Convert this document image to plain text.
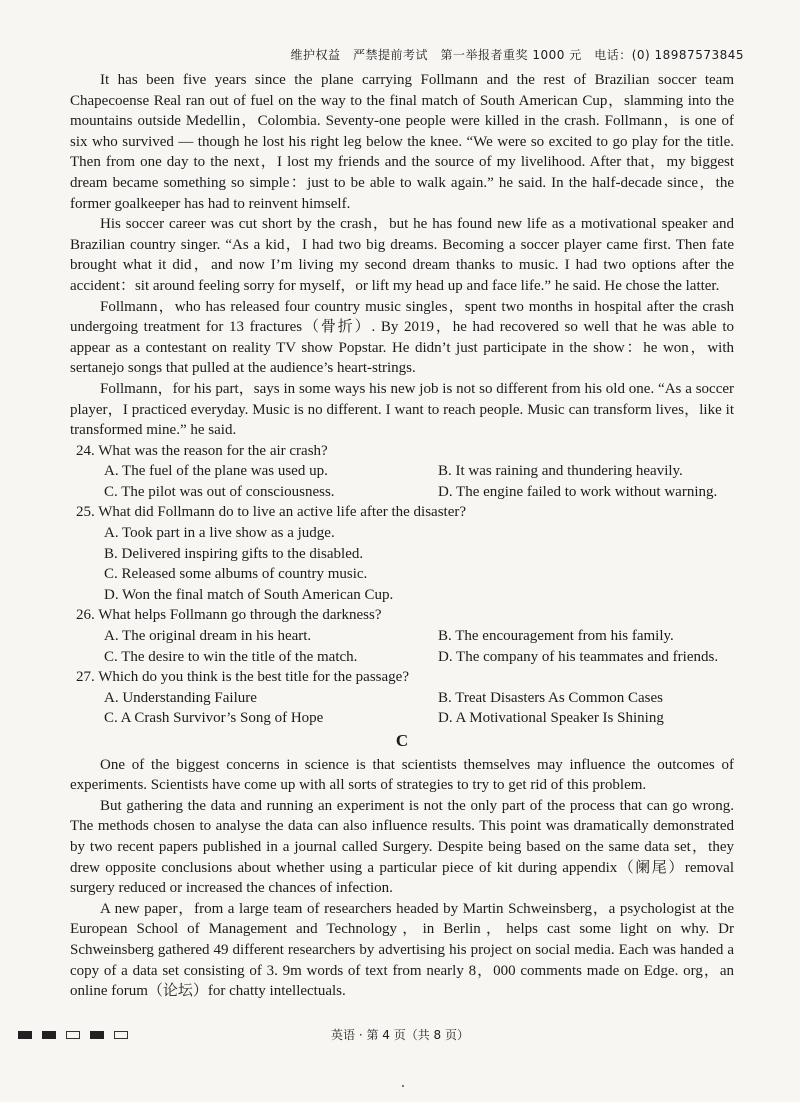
维护权益　严禁提前考试　第一举报者重奖 1000 元　电话：(0) 18987573845

It has been five years since the plane carrying Follmann and the rest of Brazilian soccer team Chapecoense Real ran out of fuel on the way to the final match of South American Cup，slamming into the mountains outside Medellin，Colombia. Seventy-one people were killed in the crash. Follmann，is one of six who survived — though he lost his right leg below the knee. “We were so excited to go play for the title. Then from one day to the next，I lost my friends and the source of my livelihood. After that，my biggest dream became something so simple：just to be able to walk again.” he said. In the half-decade since，the former goalkeeper has had to reinvent himself.

His soccer career was cut short by the crash，but he has found new life as a motivational speaker and Brazilian country singer. “As a kid，I had two big dreams. Becoming a soccer player came first. Then fate brought what it did，and now I’m living my second dream thanks to music. I had two options after the accident：sit around feeling sorry for myself，or lift my head up and face life.” he said. He chose the latter.

Follmann，who has released four country music singles，spent two months in hospital after the crash undergoing treatment for 13 fractures（骨折）. By 2019，he had recovered so well that he was able to appear as a contestant on reality TV show Popstar. He didn’t just participate in the show：he won，with sertanejo songs that pulled at the audience’s heart-strings.

Follmann，for his part，says in some ways his new job is not so different from his old one. “As a soccer player，I practiced everyday. Music is no different. I want to reach people. Music can transform lives，like it transformed mine.” he said.

24. What was the reason for the air crash?
A. The fuel of the plane was used up.	B. It was raining and thundering heavily.
C. The pilot was out of consciousness.	D. The engine failed to work without warning.
25. What did Follmann do to live an active life after the disaster?
A. Took part in a live show as a judge.
B. Delivered inspiring gifts to the disabled.
C. Released some albums of country music.
D. Won the final match of South American Cup.
26. What helps Follmann go through the darkness?
A. The original dream in his heart.	B. The encouragement from his family.
C. The desire to win the title of the match.	D. The company of his teammates and friends.
27. Which do you think is the best title for the passage?
A. Understanding Failure	B. Treat Disasters As Common Cases
C. A Crash Survivor’s Song of Hope	D. A Motivational Speaker Is Shining
C

One of the biggest concerns in science is that scientists themselves may influence the outcomes of experiments. Scientists have come up with all sorts of strategies to try to get rid of this problem.

But gathering the data and running an experiment is not the only part of the process that can go wrong. The methods chosen to analyse the data can also influence results. This point was dramatically demonstrated by two recent papers published in a journal called Surgery. Despite being based on the same data set，they drew opposite conclusions about whether using a particular piece of kit during appendix（阑尾）removal surgery reduced or increased the chances of infection.

A new paper，from a large team of researchers headed by Martin Schweinsberg，a psychologist at the European School of Management and Technology，in Berlin，helps cast some light on why. Dr Schweinsberg gathered 49 different researchers by advertising his project on social media. Each was handed a copy of a data set consisting of 3. 9m words of text from nearly 8，000 comments made on Edge. org，an online forum（论坛）for chatty intellectuals.

英语 · 第 4 页（共 8 页）
